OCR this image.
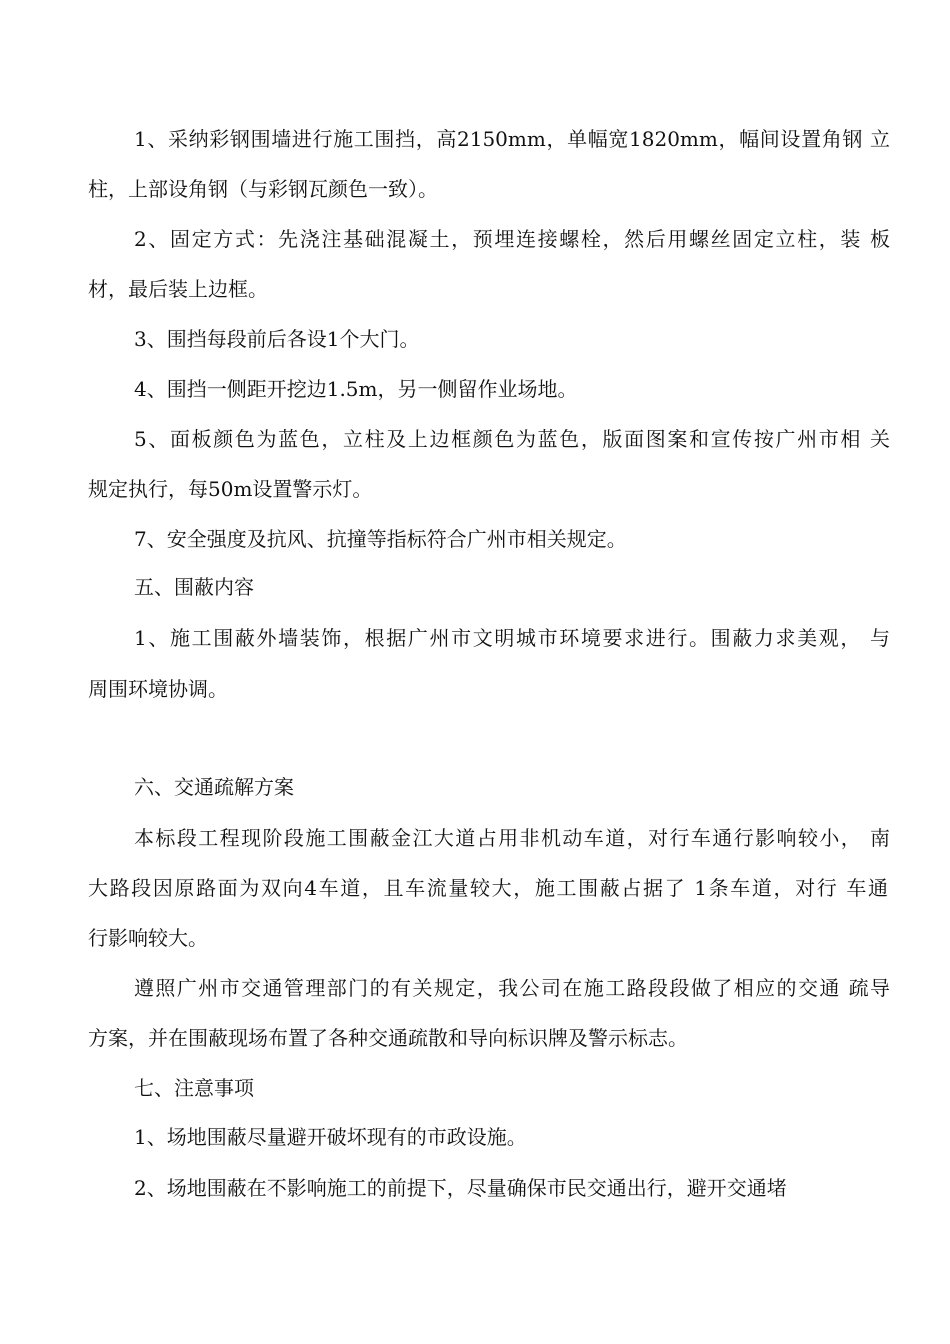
1、采纳彩钢围墙进行施工围挡，高2150mm，单幅宽1820mm，幅间设置角钢 立
柱，上部设角钢（与彩钢瓦颜色一致）。
2、固定方式：先浇注基础混凝土，预埋连接螺栓，然后用螺丝固定立柱，装 板
材，最后装上边框。
3、围挡每段前后各设1个大门。
4、围挡一侧距开挖边1.5m，另一侧留作业场地。
5、面板颜色为蓝色，立柱及上边框颜色为蓝色，版面图案和宣传按广州市相 关
规定执行，每50m设置警示灯。
7、安全强度及抗风、抗撞等指标符合广州市相关规定。
五、围蔽内容
1、施工围蔽外墙装饰，根据广州市文明城市环境要求进行。围蔽力求美观， 与
周围环境协调。
六、交通疏解方案
本标段工程现阶段施工围蔽金江大道占用非机动车道，对行车通行影响较小， 南
大路段因原路面为双向4车道，且车流量较大，施工围蔽占据了 1条车道，对行 车通
行影响较大。
遵照广州市交通管理部门的有关规定，我公司在施工路段段做了相应的交通 疏导
方案，并在围蔽现场布置了各种交通疏散和导向标识牌及警示标志。
七、注意事项
1、场地围蔽尽量避开破坏现有的市政设施。
2、场地围蔽在不影响施工的前提下，尽量确保市民交通出行，避开交通堵
